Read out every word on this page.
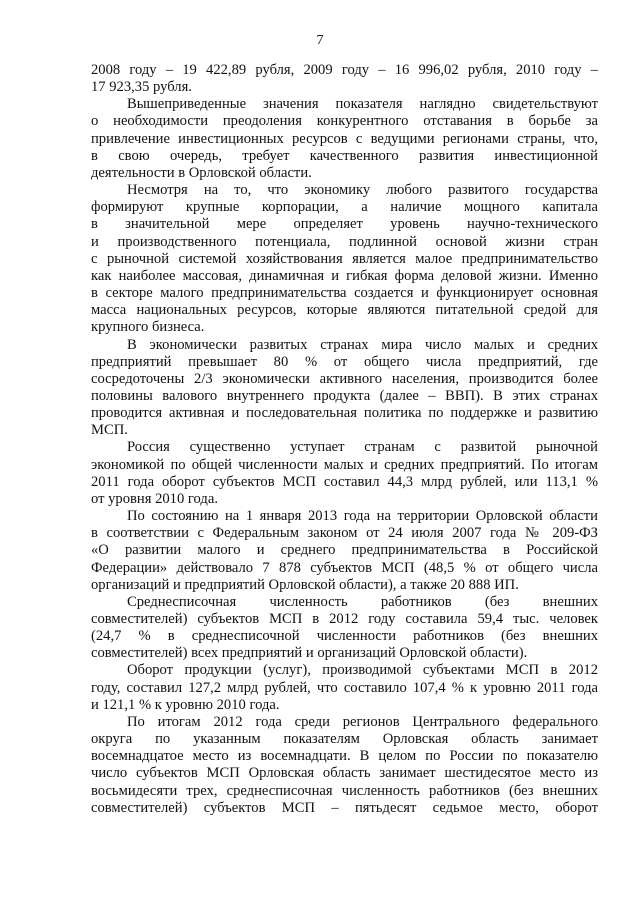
7
2008 году – 19 422,89 рубля, 2009 году – 16 996,02 рубля, 2010 году –
17 923,35 рубля.
Вышеприведенные значения показателя наглядно свидетельствуют
о необходимости преодоления конкурентного отставания в борьбе за
привлечение инвестиционных ресурсов с ведущими регионами страны, что,
в свою очередь, требует качественного развития инвестиционной
деятельности в Орловской области.
Несмотря на то, что экономику любого развитого государства
формируют крупные корпорации, а наличие мощного капитала
в значительной мере определяет уровень научно-технического
и производственного потенциала, подлинной основой жизни стран
с рыночной системой хозяйствования является малое предпринимательство
как наиболее массовая, динамичная и гибкая форма деловой жизни. Именно
в секторе малого предпринимательства создается и функционирует основная
масса национальных ресурсов, которые являются питательной средой для
крупного бизнеса.
В экономически развитых странах мира число малых и средних
предприятий превышает 80 % от общего числа предприятий, где
сосредоточены 2/3 экономически активного населения, производится более
половины валового внутреннего продукта (далее – ВВП). В этих странах
проводится активная и последовательная политика по поддержке и развитию
МСП.
Россия существенно уступает странам с развитой рыночной
экономикой по общей численности малых и средних предприятий. По итогам
2011 года оборот субъектов МСП составил 44,3 млрд рублей, или 113,1 %
от уровня 2010 года.
По состоянию на 1 января 2013 года на территории Орловской области
в соответствии с Федеральным законом от 24 июля 2007 года № 209-ФЗ
«О развитии малого и среднего предпринимательства в Российской
Федерации» действовало 7 878 субъектов МСП (48,5 % от общего числа
организаций и предприятий Орловской области), а также 20 888 ИП.
Среднесписочная численность работников (без внешних
совместителей) субъектов МСП в 2012 году составила 59,4 тыс. человек
(24,7 % в среднесписочной численности работников (без внешних
совместителей) всех предприятий и организаций Орловской области).
Оборот продукции (услуг), производимой субъектами МСП в 2012
году, составил 127,2 млрд рублей, что составило 107,4 % к уровню 2011 года
и 121,1 % к уровню 2010 года.
По итогам 2012 года среди регионов Центрального федерального
округа по указанным показателям Орловская область занимает
восемнадцатое место из восемнадцати. В целом по России по показателю
число субъектов МСП Орловская область занимает шестидесятое место из
восьмидесяти трех, среднесписочная численность работников (без внешних
совместителей) субъектов МСП – пятьдесят седьмое место, оборот
